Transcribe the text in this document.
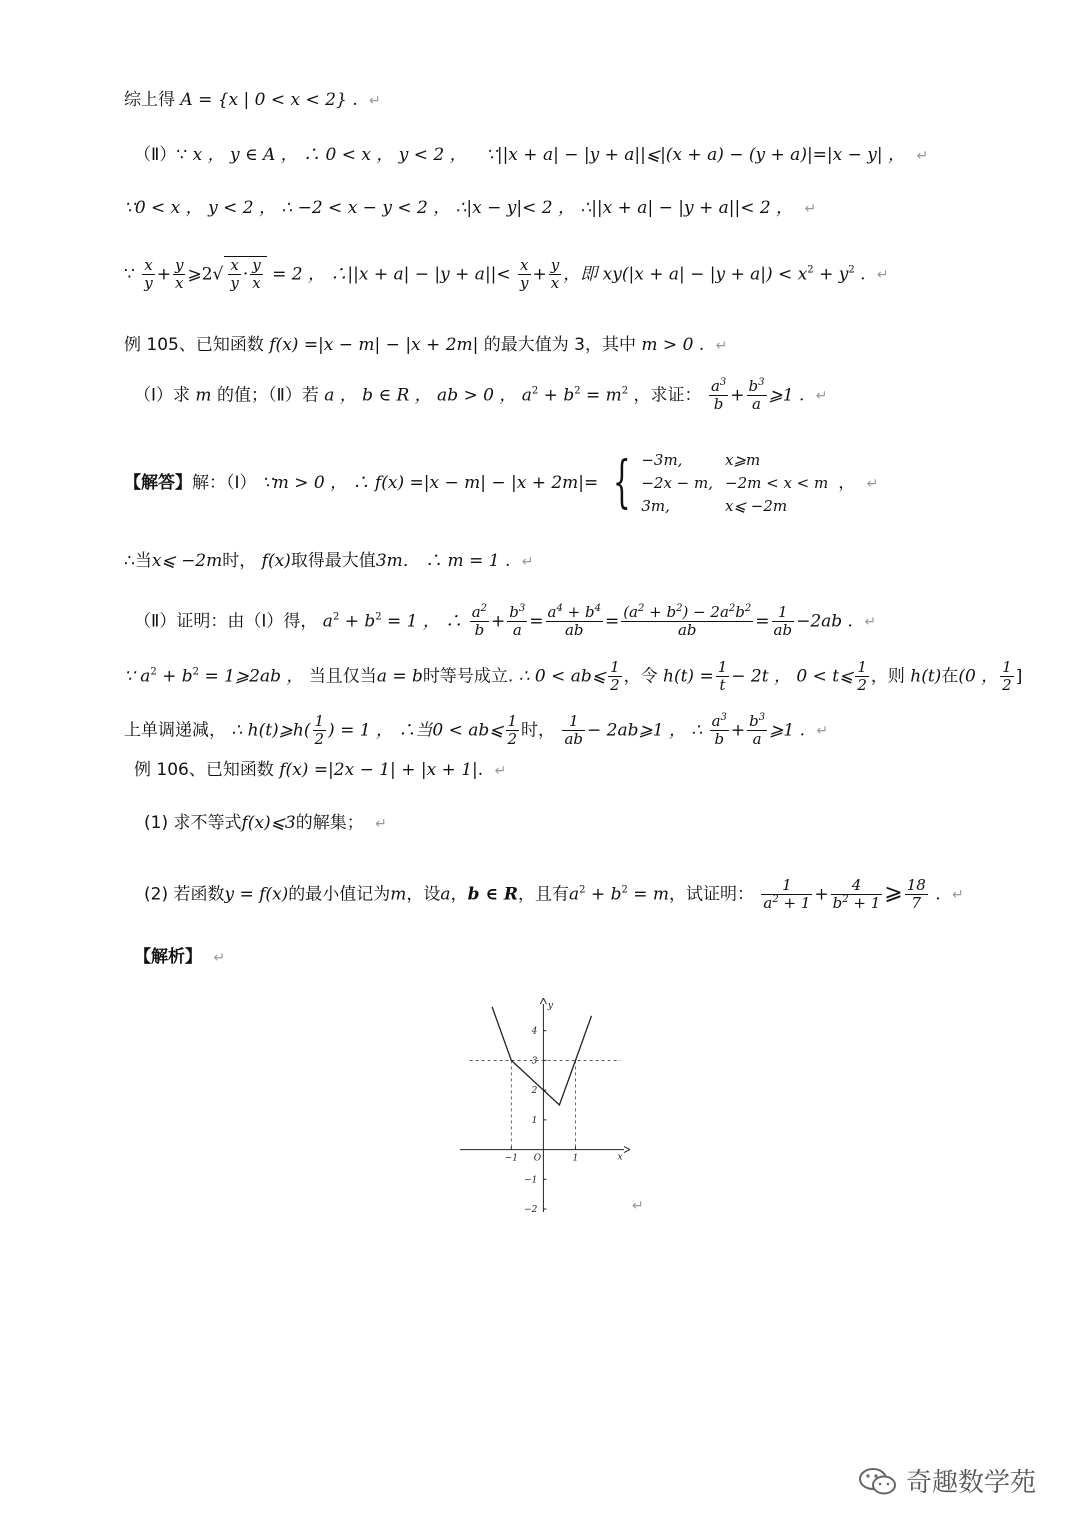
综上得 A = {x | 0 < x < 2} . ↵
（Ⅱ）∵ x ， y ∈ A ， ∴ 0 < x ， y < 2 ， ∵||x + a| − |y + a||⩽|(x + a) − (y + a)|=|x − y| ， ↵
∵0 < x ， y < 2 ， ∴ −2 < x − y < 2 ， ∴|x − y|< 2 ， ∴||x + a| − |y + a||< 2 ， ↵
∵ $\frac{x}{y} + \frac{y}{x}$ ⩾2√ $\frac{x}{y} \cdot \frac{y}{x} = 2$ ， ∴||x + $a| - |y + a||< \frac{x}{y} + \frac{y}{x}$ ，即 $xy(|x + a| - |y + a|) < x^2 + y^2$ . ↵
例 105、已知函数 f(x) =|x − m| − |x + 2m| 的最大值为 3，其中 m > 0 . ↵
（Ⅰ）求 m 的值；（Ⅱ）若 a ， b ∈ R ， ab > 0 ， $a^2 + b^2 = m^2$ ，求证： $\frac{a^3}{b} + \frac{b^3}{a}$ ⩾1 . ↵
【解答】解：（Ⅰ） ∵m > 0 ， ∴ f(x) =|x − m| − |x + 2m|= { −3m,	x⩾m
−2x − m,	−2m < x < m
3m,	x⩽ −2m， ↵
∴当x⩽ −2m时， f(x)取得最大值3m． ∴ m = 1 . ↵
（Ⅱ）证明：由（Ⅰ）得， $a^2 + b^2 = 1$ ， ∴ $\frac{a^2}{b} + \frac{b^3}{a} = \frac{a^4 + b^4}{ab} = \frac{(a^2 + b^2) - 2a^2b^2}{ab} = \frac{1}{ab} -2ab$ . ↵
∵ $a^2 + b^2$ = 1⩾2ab ， 当且仅当a = b时等号成立. ∴ 0 < ab⩽ $\frac{1}{2}$ ，令 $h(t) = \frac{1}{t} - 2t$ ， 0 < t⩽ $\frac{1}{2}$ ，则 h(t)在(0 ， $\frac{1}{2}$ ]
上单调递减， ∴ h(t)⩾h( $\frac{1}{2}$ ) = 1 ， ∴当0 < ab⩽ $\frac{1}{2}$ 时， $\frac{1}{ab}$ − 2ab⩾1 ， ∴ $\frac{a^3}{b} + \frac{b^3}{a}$ ⩾1 . ↵
例 106、已知函数 f(x) =|2x − 1| + |x + 1|. ↵
(1) 求不等式f(x)⩽3的解集； ↵
(2) 若函数y = f(x)的最小值记为m，设a，b ∈ R，且有$a^2 + b^2 = m$，试证明： $\frac{1}{a^2 + 1} + \frac{4}{b^2 + 1}$ ⩾ $\frac{18}{7}$ . ↵
【解析】 ↵
y
x
O
−1	1
4
3
2
1
−1
−2	↵
奇趣数学苑
